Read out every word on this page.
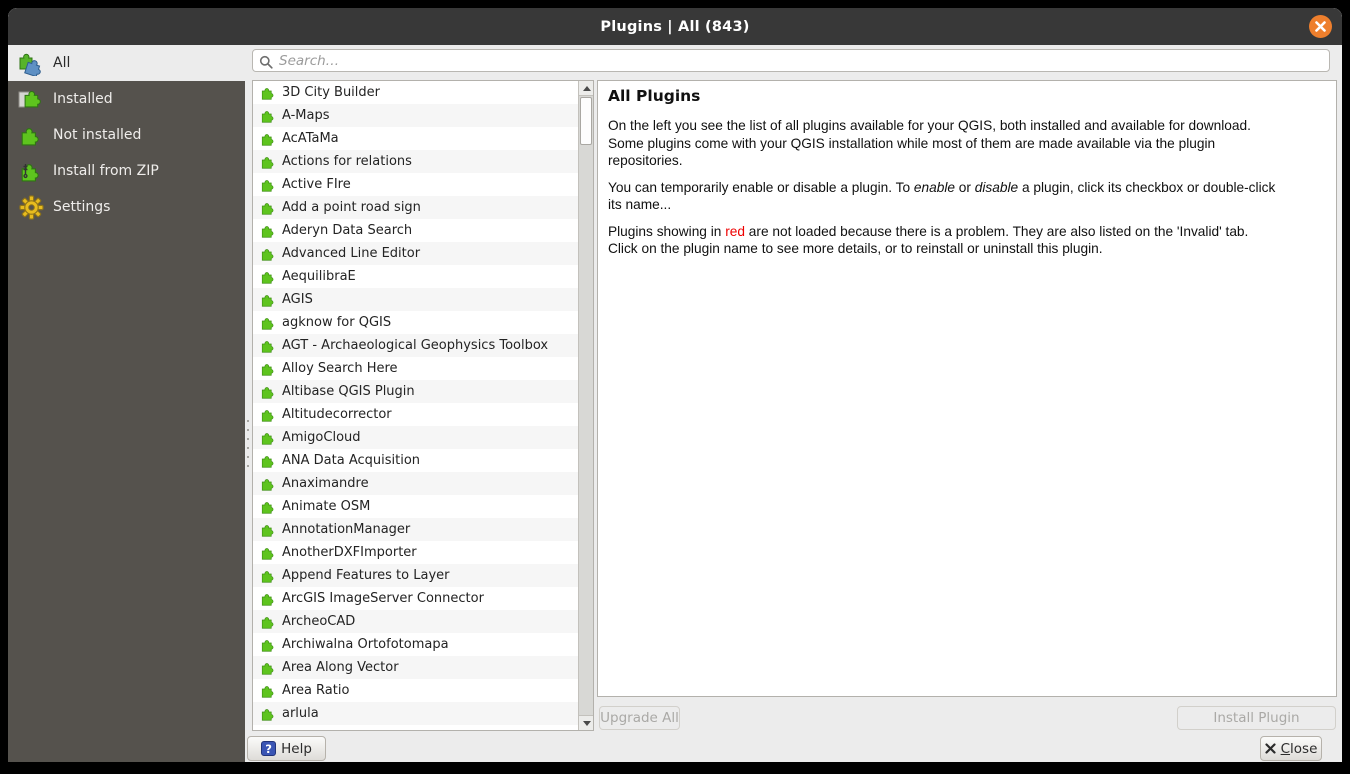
Plugins | All (843)
All
Installed
Not installed
Install from ZIP
Settings
Search…
3D City Builder
A-Maps
AcATaMa
Actions for relations
Active FIre
Add a point road sign
Aderyn Data Search
Advanced Line Editor
AequilibraE
AGIS
agknow for QGIS
AGT - Archaeological Geophysics Toolbox
Alloy Search Here
Altibase QGIS Plugin
Altitudecorrector
AmigoCloud
ANA Data Acquisition
Anaximandre
Animate OSM
AnnotationManager
AnotherDXFImporter
Append Features to Layer
ArcGIS ImageServer Connector
ArcheoCAD
Archiwalna Ortofotomapa
Area Along Vector
Area Ratio
arlula
All Plugins
On the left you see the list of all plugins available for your QGIS, both installed and available for download.
Some plugins come with your QGIS installation while most of them are made available via the plugin
repositories.
You can temporarily enable or disable a plugin. To enable or disable a plugin, click its checkbox or double-click
its name...
Plugins showing in red are not loaded because there is a problem. They are also listed on the 'Invalid' tab.
Click on the plugin name to see more details, or to reinstall or uninstall this plugin.
Upgrade All	Install Plugin
? Help	Close
